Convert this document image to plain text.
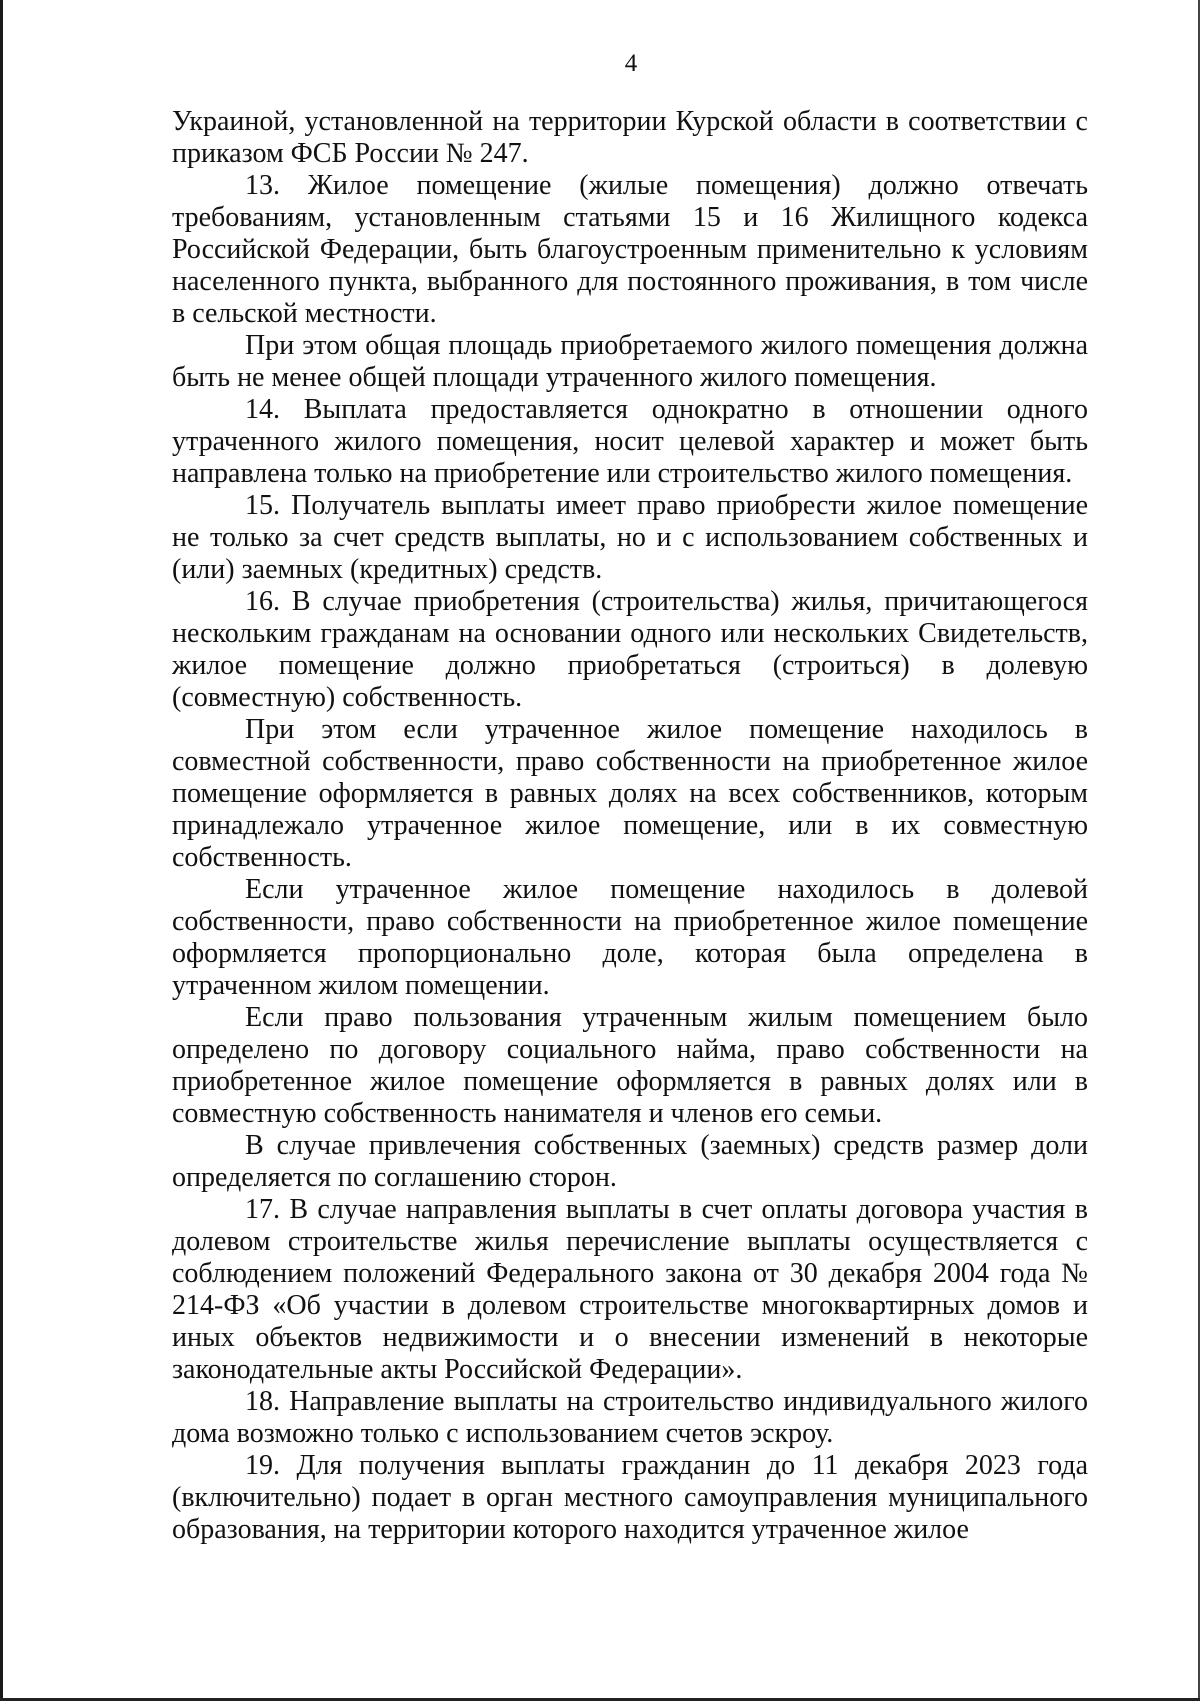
4

Украиной, установленной на территории Курской области в соответствии с приказом ФСБ России № 247.

13. Жилое помещение (жилые помещения) должно отвечать требованиям, установленным статьями 15 и 16 Жилищного кодекса Российской Федерации, быть благоустроенным применительно к условиям населенного пункта, выбранного для постоянного проживания, в том числе в сельской местности.

При этом общая площадь приобретаемого жилого помещения должна быть не менее общей площади утраченного жилого помещения.

14. Выплата предоставляется однократно в отношении одного утраченного жилого помещения, носит целевой характер и может быть направлена только на приобретение или строительство жилого помещения.

15. Получатель выплаты имеет право приобрести жилое помещение не только за счет средств выплаты, но и с использованием собственных и (или) заемных (кредитных) средств.

16. В случае приобретения (строительства) жилья, причитающегося нескольким гражданам на основании одного или нескольких Свидетельств, жилое помещение должно приобретаться (строиться) в долевую (совместную) собственность.

При этом если утраченное жилое помещение находилось в совместной собственности, право собственности на приобретенное жилое помещение оформляется в равных долях на всех собственников, которым принадлежало утраченное жилое помещение, или в их совместную собственность.

Если утраченное жилое помещение находилось в долевой собственности, право собственности на приобретенное жилое помещение оформляется пропорционально доле, которая была определена в утраченном жилом помещении.

Если право пользования утраченным жилым помещением было определено по договору социального найма, право собственности на приобретенное жилое помещение оформляется в равных долях или в совместную собственность нанимателя и членов его семьи.

В случае привлечения собственных (заемных) средств размер доли определяется по соглашению сторон.

17. В случае направления выплаты в счет оплаты договора участия в долевом строительстве жилья перечисление выплаты осуществляется с соблюдением положений Федерального закона от 30 декабря 2004 года № 214-ФЗ «Об участии в долевом строительстве многоквартирных домов и иных объектов недвижимости и о внесении изменений в некоторые законодательные акты Российской Федерации».

18. Направление выплаты на строительство индивидуального жилого дома возможно только с использованием счетов эскроу.

19. Для получения выплаты гражданин до 11 декабря 2023 года (включительно) подает в орган местного самоуправления муниципального образования, на территории которого находится утраченное жилое
